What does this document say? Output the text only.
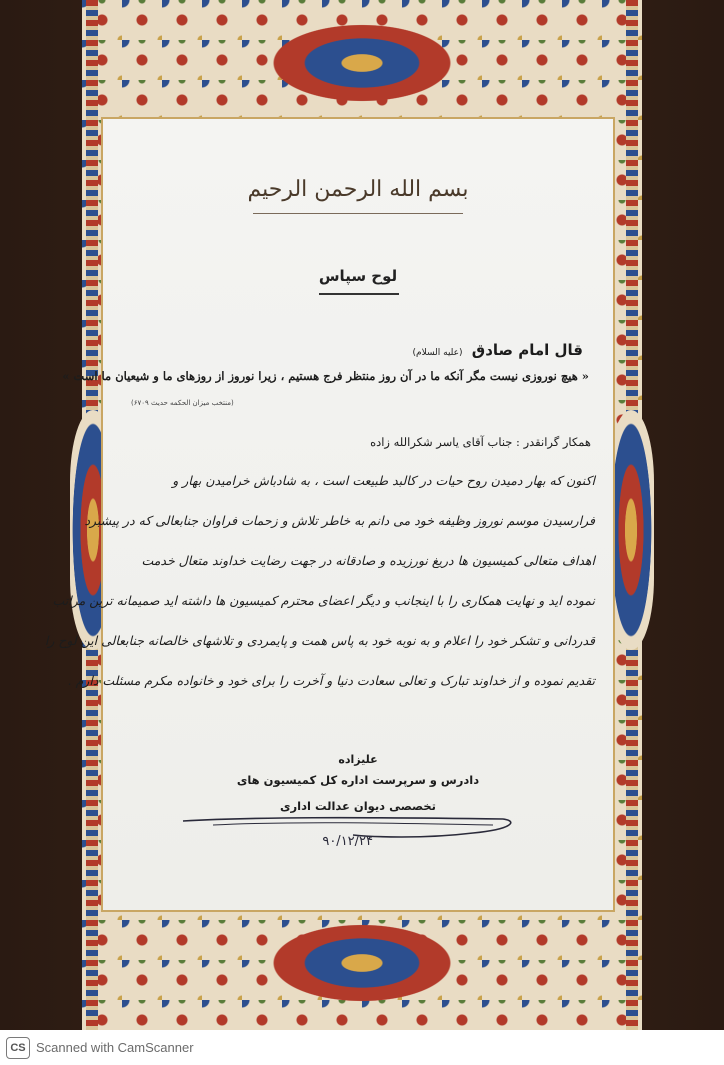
بسم الله الرحمن الرحيم
لوح سپاس
قال امام صادق (علیه السلام)
« هیچ نوروزی نیست مگر آنکه ما در آن روز منتظر فرج هستیم ، زیرا نوروز از روزهای ما و شیعیان ما است »
(منتخب میزان الحکمه حدیث ۶۷۰۹)
همکار گرانقدر : جناب آقای یاسر شکرالله زاده
اکنون که بهار دمیدن روح حیات در کالبد طبیعت است ، به شادباش خرامیدن بهار و
فرارسیدن موسم نوروز وظیفه خود می دانم به خاطر تلاش و زحمات فراوان جنابعالی که در پیشبرد
اهداف متعالی کمیسیون ها دریغ نورزیده و صادقانه در جهت رضایت خداوند متعال خدمت
نموده اید و نهایت همکاری را با اینجانب و دیگر اعضای محترم کمیسیون ها داشته اید صمیمانه ترین مراتب
قدردانی و تشکر خود را اعلام و به نوبه خود به پاس همت و پایمردی و تلاشهای خالصانه جنابعالی این لوح را
تقدیم نموده و از خداوند تبارک و تعالی سعادت دنیا و آخرت را برای خود و خانواده مکرم مسئلت دارم .
علیزاده
دادرس و سرپرست اداره کل کمیسیون های
تخصصی دیوان عدالت اداری
۹۰/۱۲/۲۴
CS Scanned with CamScanner
